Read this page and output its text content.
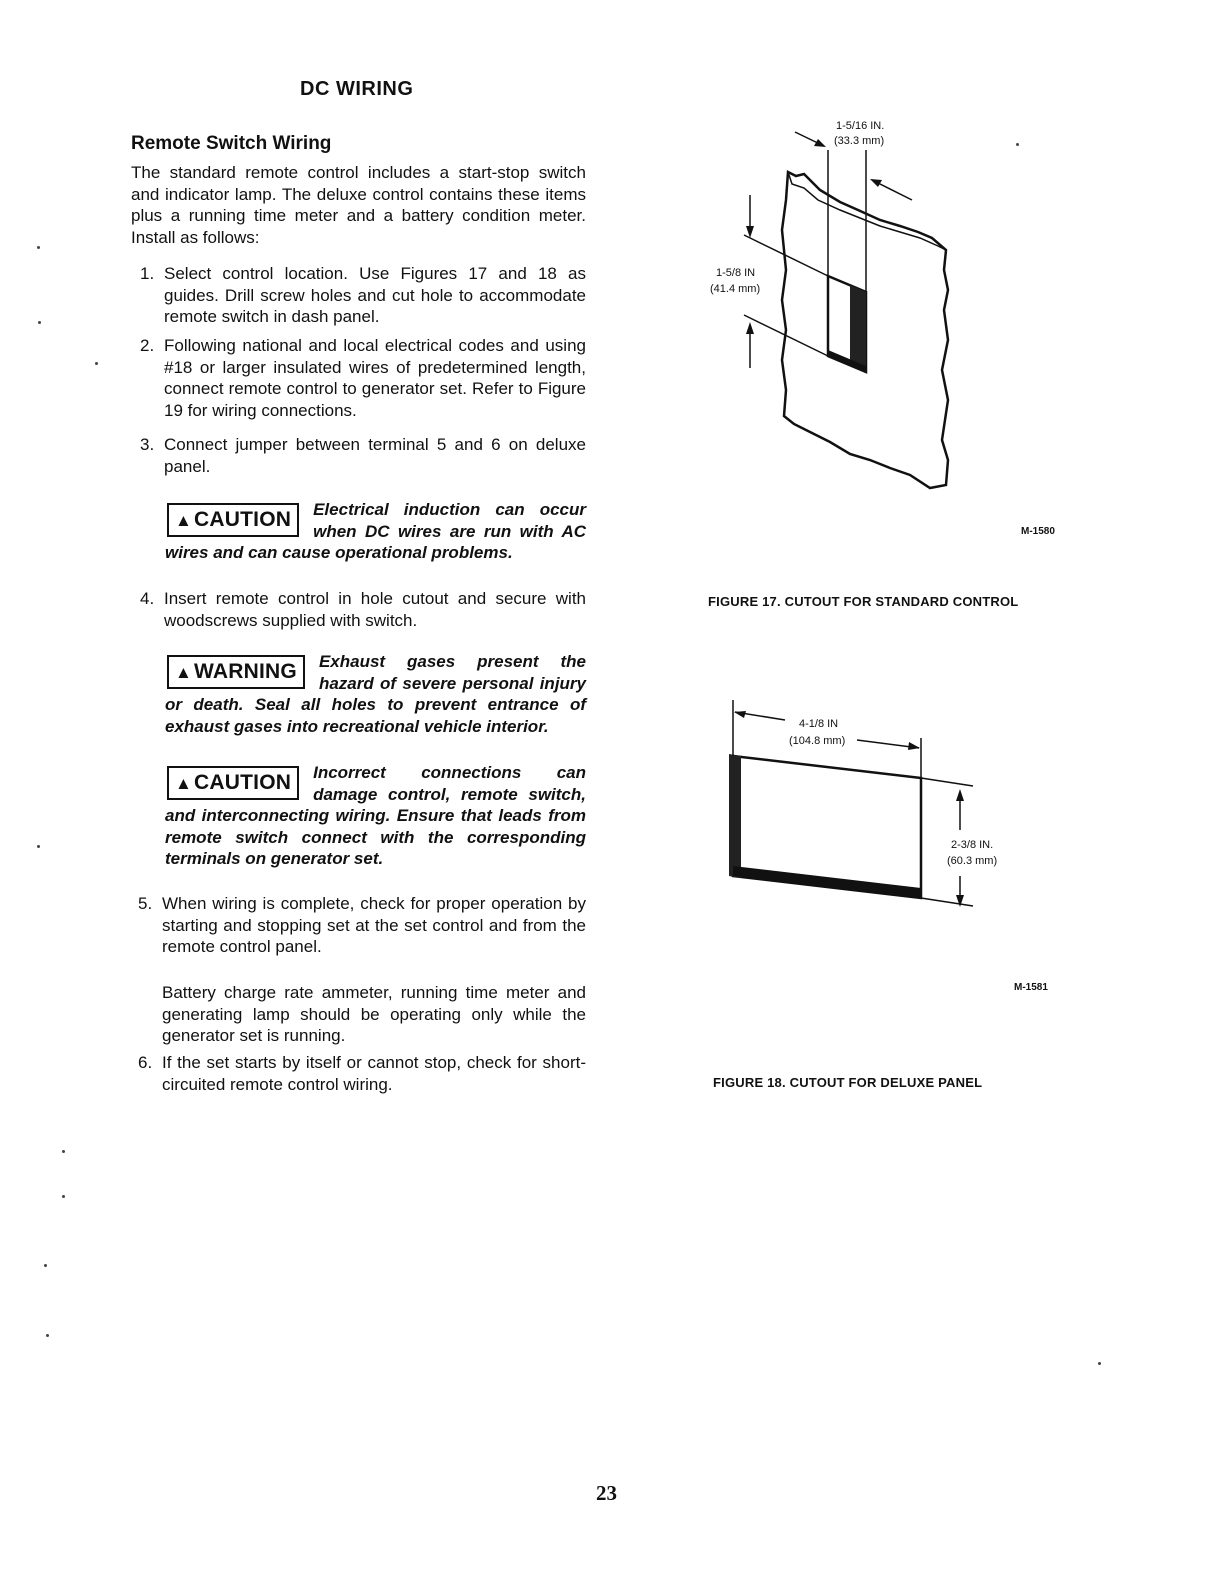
DC WIRING
Remote Switch Wiring
The standard remote control includes a start-stop switch and indicator lamp. The deluxe control contains these items plus a running time meter and a battery condition meter. Install as follows:
1. Select control location. Use Figures 17 and 18 as guides. Drill screw holes and cut hole to accommodate remote switch in dash panel.
2. Following national and local electrical codes and using #18 or larger insulated wires of predetermined length, connect remote control to generator set. Refer to Figure 19 for wiring connections.
3. Connect jumper between terminal 5 and 6 on deluxe panel.
▲CAUTION	Electrical induction can occur when DC wires are run with AC wires and can cause operational problems.
4. Insert remote control in hole cutout and secure with woodscrews supplied with switch.
▲WARNING	Exhaust gases present the hazard of severe personal injury or death. Seal all holes to prevent entrance of exhaust gases into recreational vehicle interior.
▲CAUTION	Incorrect connections can damage control, remote switch, and interconnecting wiring. Ensure that leads from remote switch connect with the corresponding terminals on generator set.
5. When wiring is complete, check for proper operation by starting and stopping set at the set control and from the remote control panel.
Battery charge rate ammeter, running time meter and generating lamp should be operating only while the generator set is running.
6. If the set starts by itself or cannot stop, check for short-circuited remote control wiring.
1-5/16 IN.
(33.3 mm)
1-5/8 IN
(41.4 mm)
M-1580
FIGURE 17. CUTOUT FOR STANDARD CONTROL
4-1/8 IN
(104.8 mm)
2-3/8 IN.
(60.3 mm)
M-1581
FIGURE 18. CUTOUT FOR DELUXE PANEL
23
